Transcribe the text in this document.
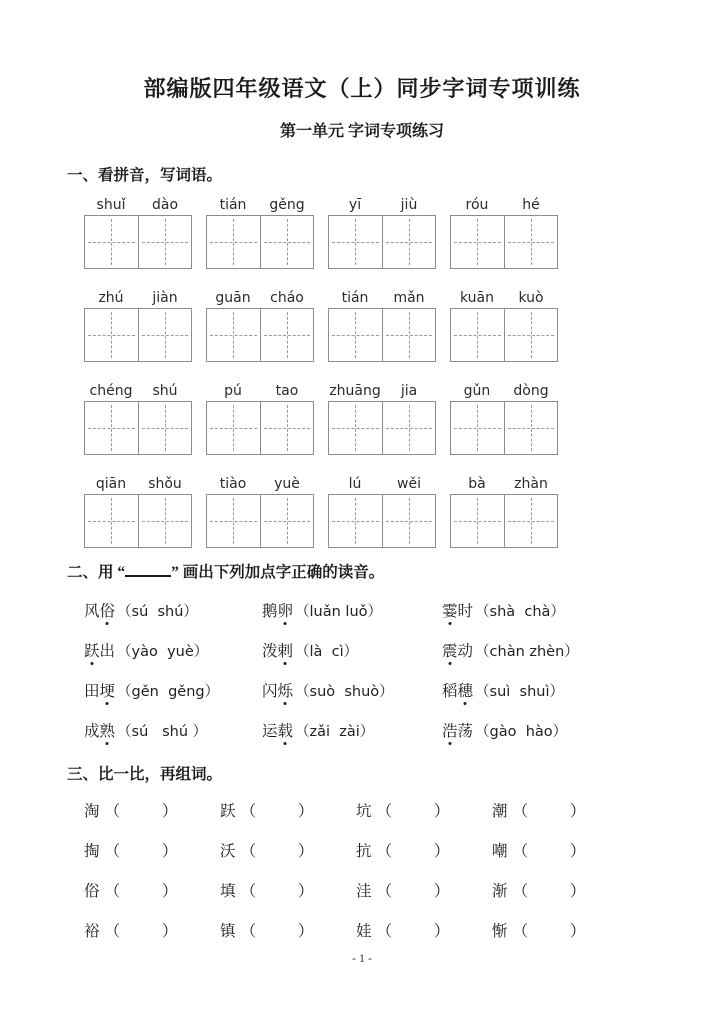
部编版四年级语文（上）同步字词专项训练
第一单元 字词专项练习
一、看拼音，写词语。
shuǐ	dào	tián	gěng	yī	jiù	róu	hé
zhú	jiàn	guān	cháo	tián	mǎn	kuān	kuò
chéng	shú	pú	tao	zhuāng	jia	gǔn	dòng
qiān	shǒu	tiào	yuè	lú	wěi	bà	zhàn
二、用 “	” 画出下列加点字正确的读音。
风俗 （sú  shú）	鹅卵 （luǎn luǒ）	霎时 （shà  chà）
跃出 （yào  yuè）	泼剌 （là  cì）	震动 （chàn zhèn）
田埂 （gěn  gěng）	闪烁 （suò  shuò）	稻穗 （suì  shuì）
成熟 （sú   shú ）	运载 （zǎi  zài）	浩荡 （gào  hào）
三、比一比，再组词。
淘 （	）	跃 （	）	坑 （	）	潮 （	）
掏 （	）	沃 （	）	抗 （	）	嘲 （	）
俗 （	）	填 （	）	洼 （	）	渐 （	）
裕 （	）	镇 （	）	娃 （	）	惭 （	）
- 1 -
